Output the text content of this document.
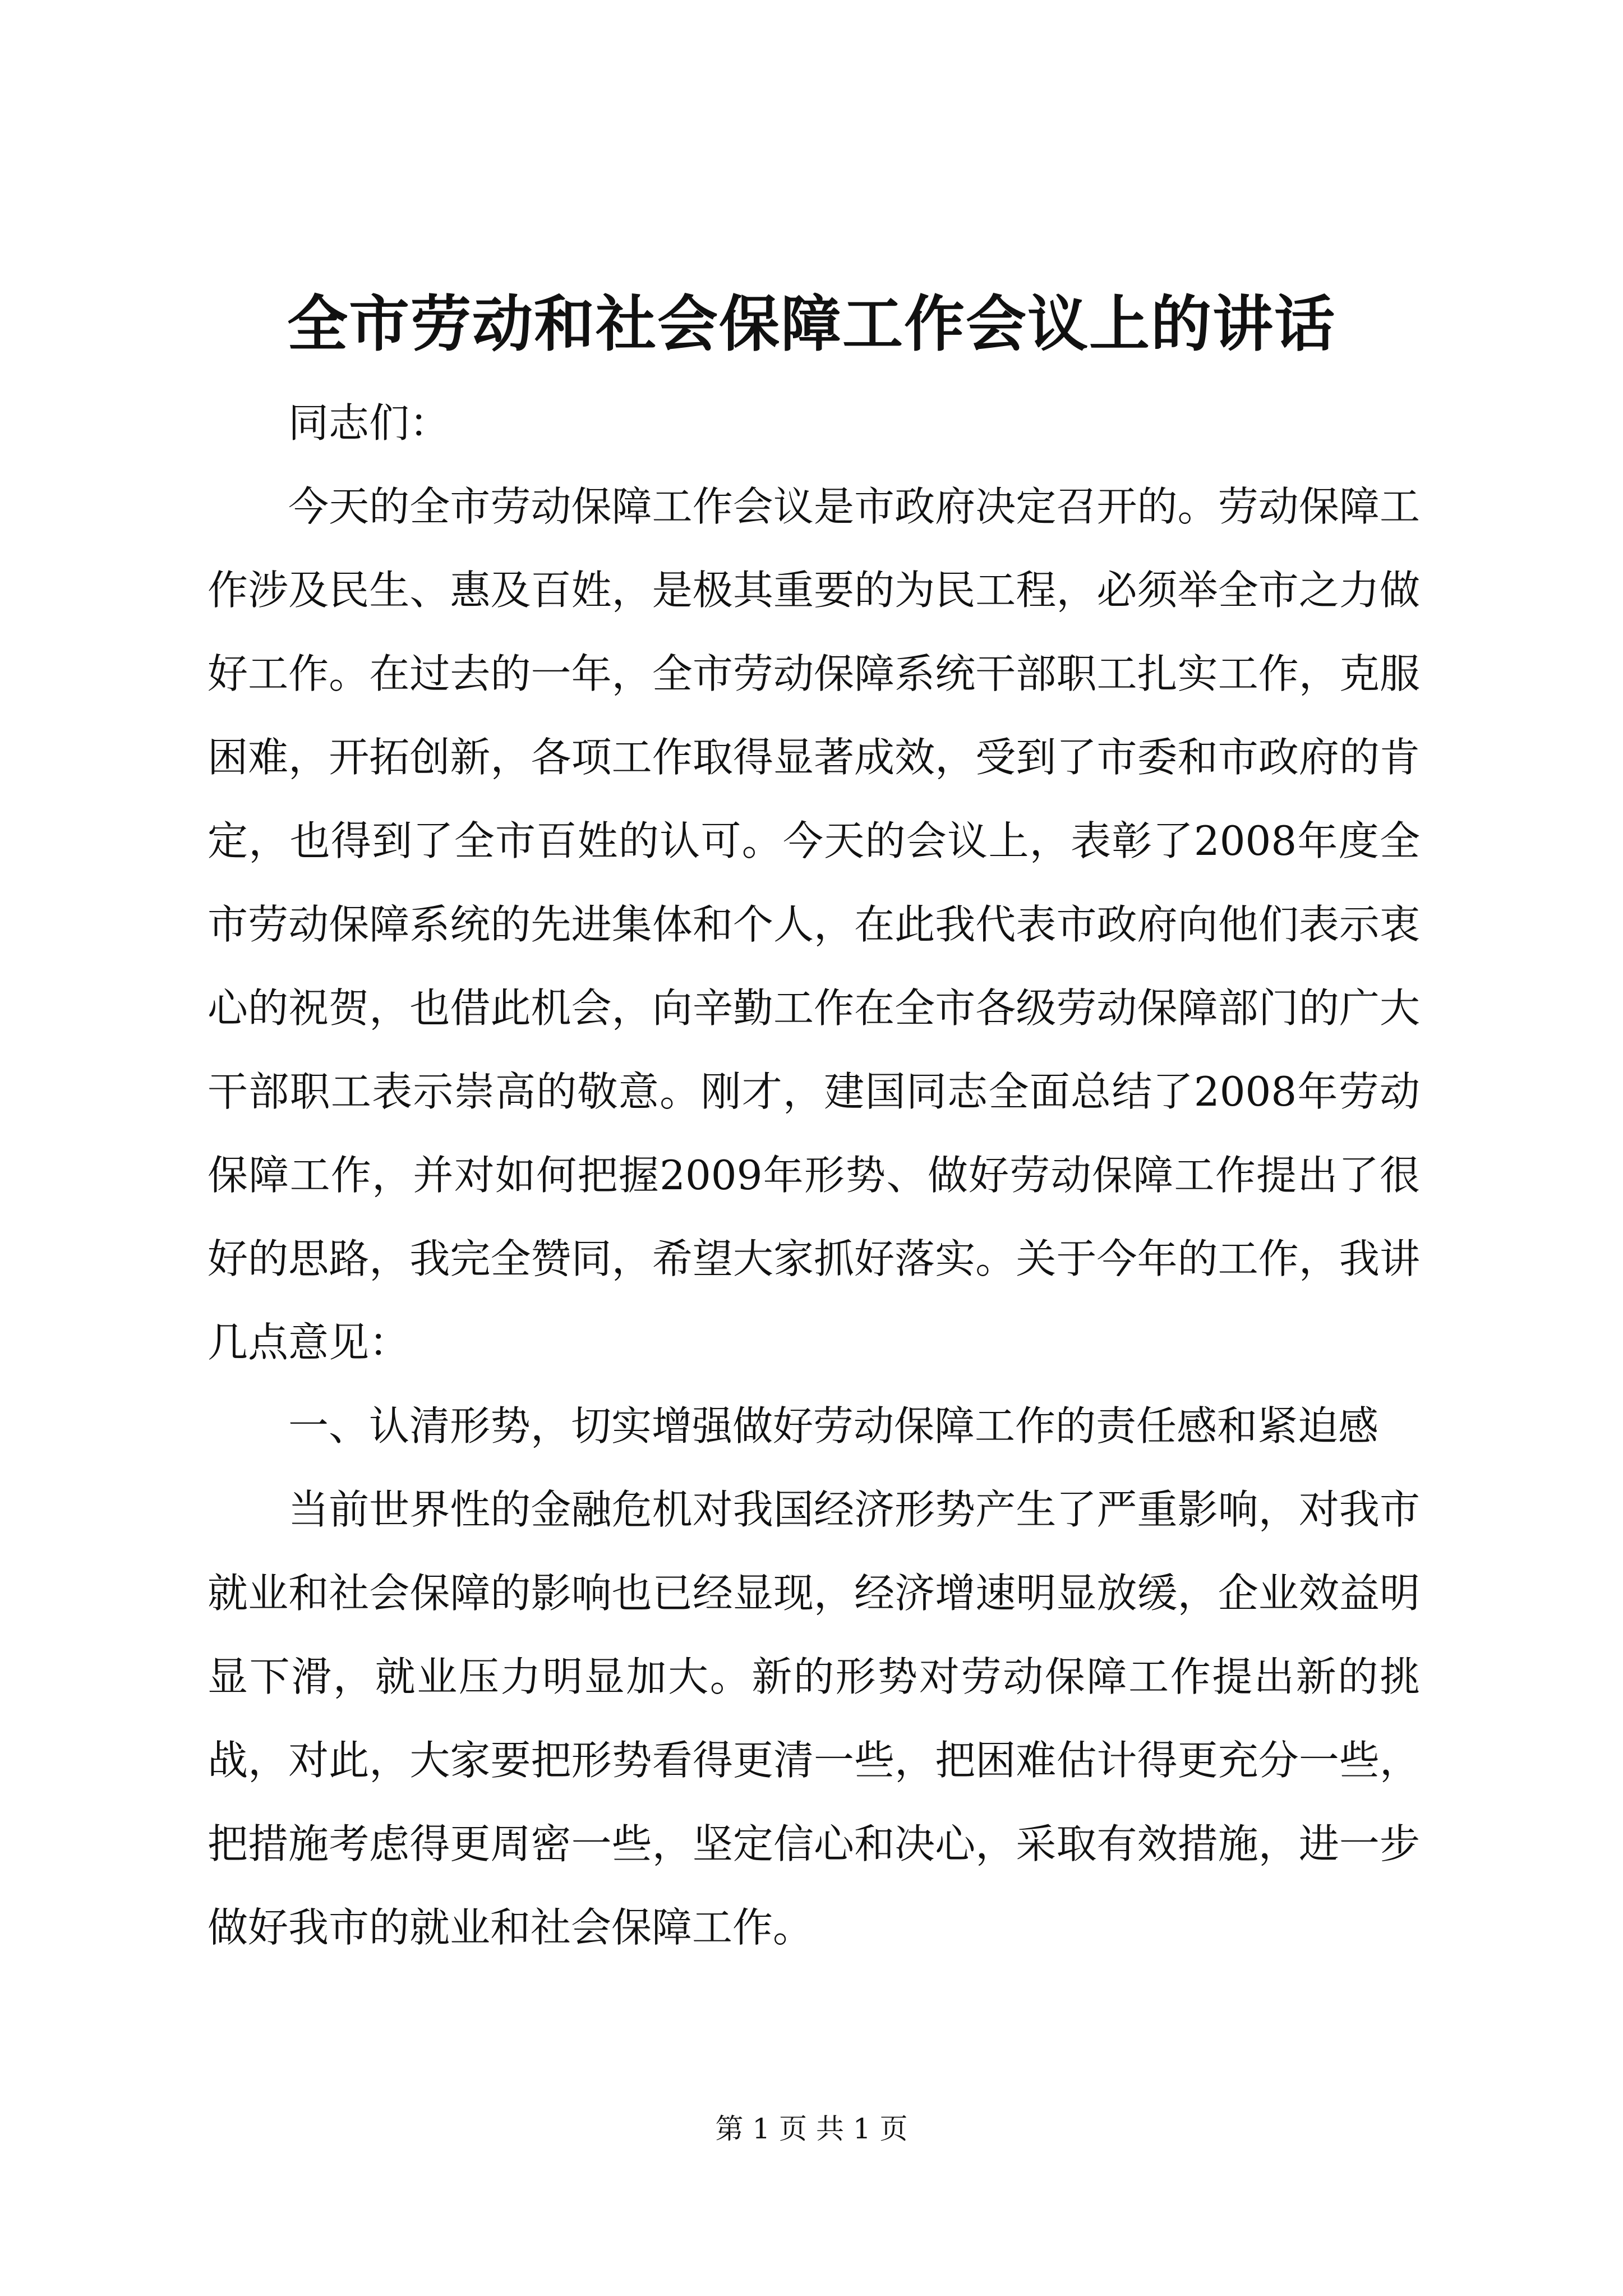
全市劳动和社会保障工作会议上的讲话

同志们：

今天的全市劳动保障工作会议是市政府决定召开的。劳动保障工作涉及民生、惠及百姓，是极其重要的为民工程，必须举全市之力做好工作。在过去的一年，全市劳动保障系统干部职工扎实工作，克服困难，开拓创新，各项工作取得显著成效，受到了市委和市政府的肯定，也得到了全市百姓的认可。今天的会议上，表彰了2008年度全市劳动保障系统的先进集体和个人，在此我代表市政府向他们表示衷心的祝贺，也借此机会，向辛勤工作在全市各级劳动保障部门的广大干部职工表示崇高的敬意。刚才，建国同志全面总结了2008年劳动保障工作，并对如何把握2009年形势、做好劳动保障工作提出了很好的思路，我完全赞同，希望大家抓好落实。关于今年的工作，我讲几点意见：

一、认清形势，切实增强做好劳动保障工作的责任感和紧迫感

当前世界性的金融危机对我国经济形势产生了严重影响，对我市就业和社会保障的影响也已经显现，经济增速明显放缓，企业效益明显下滑，就业压力明显加大。新的形势对劳动保障工作提出新的挑战，对此，大家要把形势看得更清一些，把困难估计得更充分一些，把措施考虑得更周密一些，坚定信心和决心，采取有效措施，进一步做好我市的就业和社会保障工作。

第 1 页 共 1 页
